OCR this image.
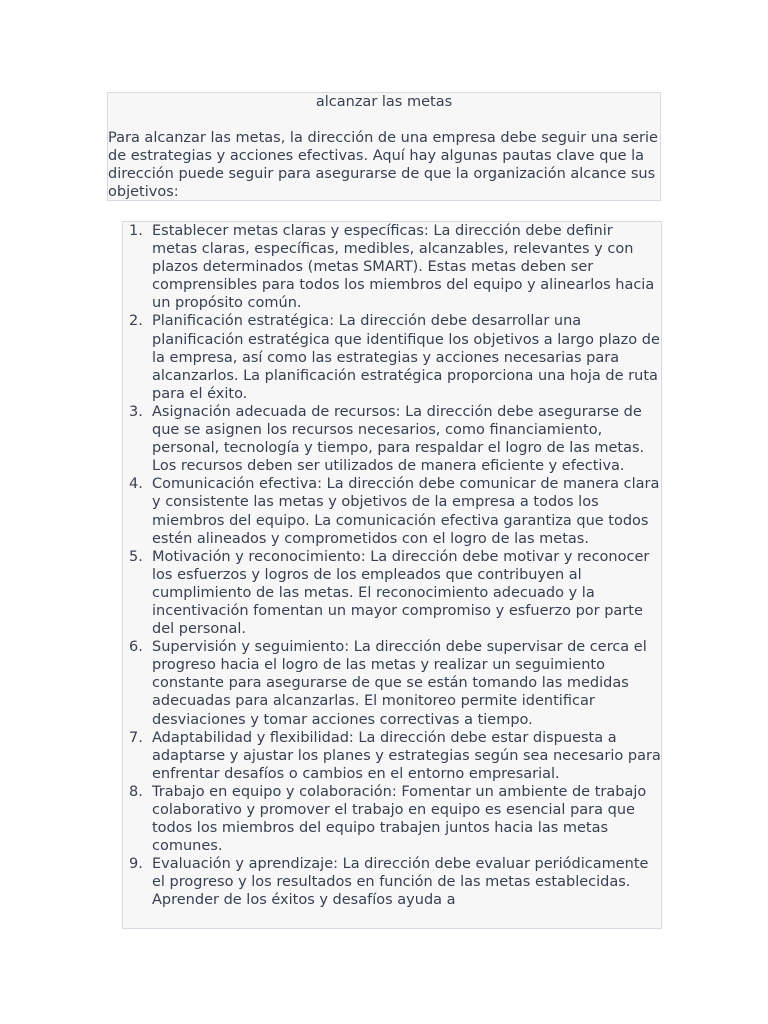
alcanzar las metas

Para alcanzar las metas, la dirección de una empresa debe seguir una serie de estrategias y acciones efectivas. Aquí hay algunas pautas clave que la dirección puede seguir para asegurarse de que la organización alcance sus objetivos:

1. Establecer metas claras y específicas: La dirección debe definir metas claras, específicas, medibles, alcanzables, relevantes y con plazos determinados (metas SMART). Estas metas deben ser comprensibles para todos los miembros del equipo y alinearlos hacia un propósito común.
2. Planificación estratégica: La dirección debe desarrollar una planificación estratégica que identifique los objetivos a largo plazo de la empresa, así como las estrategias y acciones necesarias para alcanzarlos. La planificación estratégica proporciona una hoja de ruta para el éxito.
3. Asignación adecuada de recursos: La dirección debe asegurarse de que se asignen los recursos necesarios, como financiamiento, personal, tecnología y tiempo, para respaldar el logro de las metas. Los recursos deben ser utilizados de manera eficiente y efectiva.
4. Comunicación efectiva: La dirección debe comunicar de manera clara y consistente las metas y objetivos de la empresa a todos los miembros del equipo. La comunicación efectiva garantiza que todos estén alineados y comprometidos con el logro de las metas.
5. Motivación y reconocimiento: La dirección debe motivar y reconocer los esfuerzos y logros de los empleados que contribuyen al cumplimiento de las metas. El reconocimiento adecuado y la incentivación fomentan un mayor compromiso y esfuerzo por parte del personal.
6. Supervisión y seguimiento: La dirección debe supervisar de cerca el progreso hacia el logro de las metas y realizar un seguimiento constante para asegurarse de que se están tomando las medidas adecuadas para alcanzarlas. El monitoreo permite identificar desviaciones y tomar acciones correctivas a tiempo.
7. Adaptabilidad y flexibilidad: La dirección debe estar dispuesta a adaptarse y ajustar los planes y estrategias según sea necesario para enfrentar desafíos o cambios en el entorno empresarial.
8. Trabajo en equipo y colaboración: Fomentar un ambiente de trabajo colaborativo y promover el trabajo en equipo es esencial para que todos los miembros del equipo trabajen juntos hacia las metas comunes.
9. Evaluación y aprendizaje: La dirección debe evaluar periódicamente el progreso y los resultados en función de las metas establecidas. Aprender de los éxitos y desafíos ayuda a
